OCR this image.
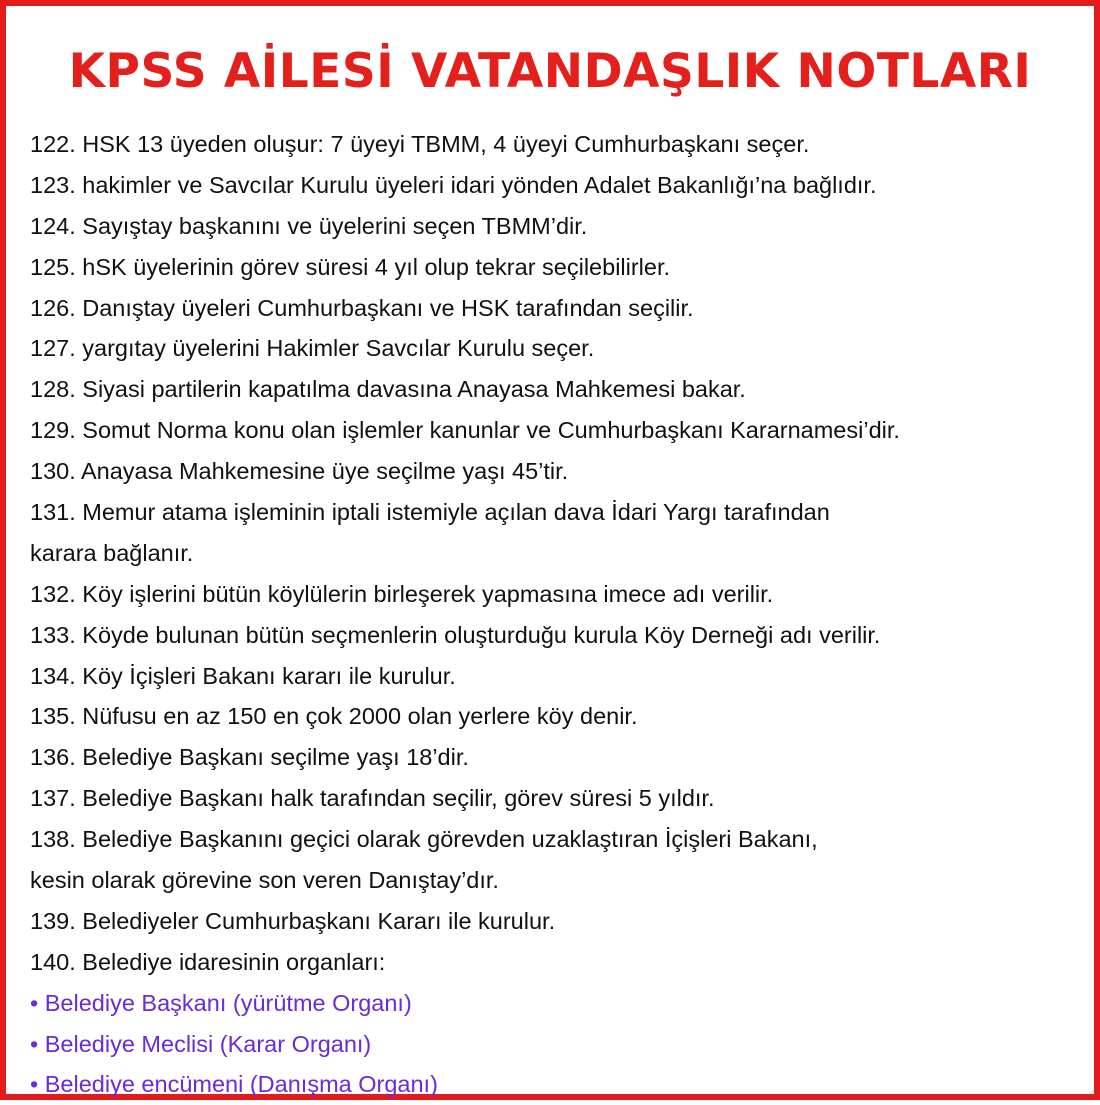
KPSS AİLESİ VATANDAŞLIK NOTLARI
122. HSK 13 üyeden oluşur: 7 üyeyi TBMM, 4 üyeyi Cumhurbaşkanı seçer.
123. hakimler ve Savcılar Kurulu üyeleri idari yönden Adalet Bakanlığı’na bağlıdır.
124. Sayıştay başkanını ve üyelerini seçen TBMM’dir.
125. hSK üyelerinin görev süresi 4 yıl olup tekrar seçilebilirler.
126. Danıştay üyeleri Cumhurbaşkanı ve HSK tarafından seçilir.
127. yargıtay üyelerini Hakimler Savcılar Kurulu seçer.
128. Siyasi partilerin kapatılma davasına Anayasa Mahkemesi bakar.
129. Somut Norma konu olan işlemler kanunlar ve Cumhurbaşkanı Kararnamesi’dir.
130. Anayasa Mahkemesine üye seçilme yaşı 45’tir.
131. Memur atama işleminin iptali istemiyle açılan dava İdari Yargı tarafından
karara bağlanır.
132. Köy işlerini bütün köylülerin birleşerek yapmasına imece adı verilir.
133. Köyde bulunan bütün seçmenlerin oluşturduğu kurula Köy Derneği adı verilir.
134. Köy İçişleri Bakanı kararı ile kurulur.
135. Nüfusu en az 150 en çok 2000 olan yerlere köy denir.
136. Belediye Başkanı seçilme yaşı 18’dir.
137. Belediye Başkanı halk tarafından seçilir, görev süresi 5 yıldır.
138. Belediye Başkanını geçici olarak görevden uzaklaştıran İçişleri Bakanı,
kesin olarak görevine son veren Danıştay’dır.
139. Belediyeler Cumhurbaşkanı Kararı ile kurulur.
140. Belediye idaresinin organları:
• Belediye Başkanı (yürütme Organı)
• Belediye Meclisi (Karar Organı)
• Belediye encümeni (Danışma Organı)
